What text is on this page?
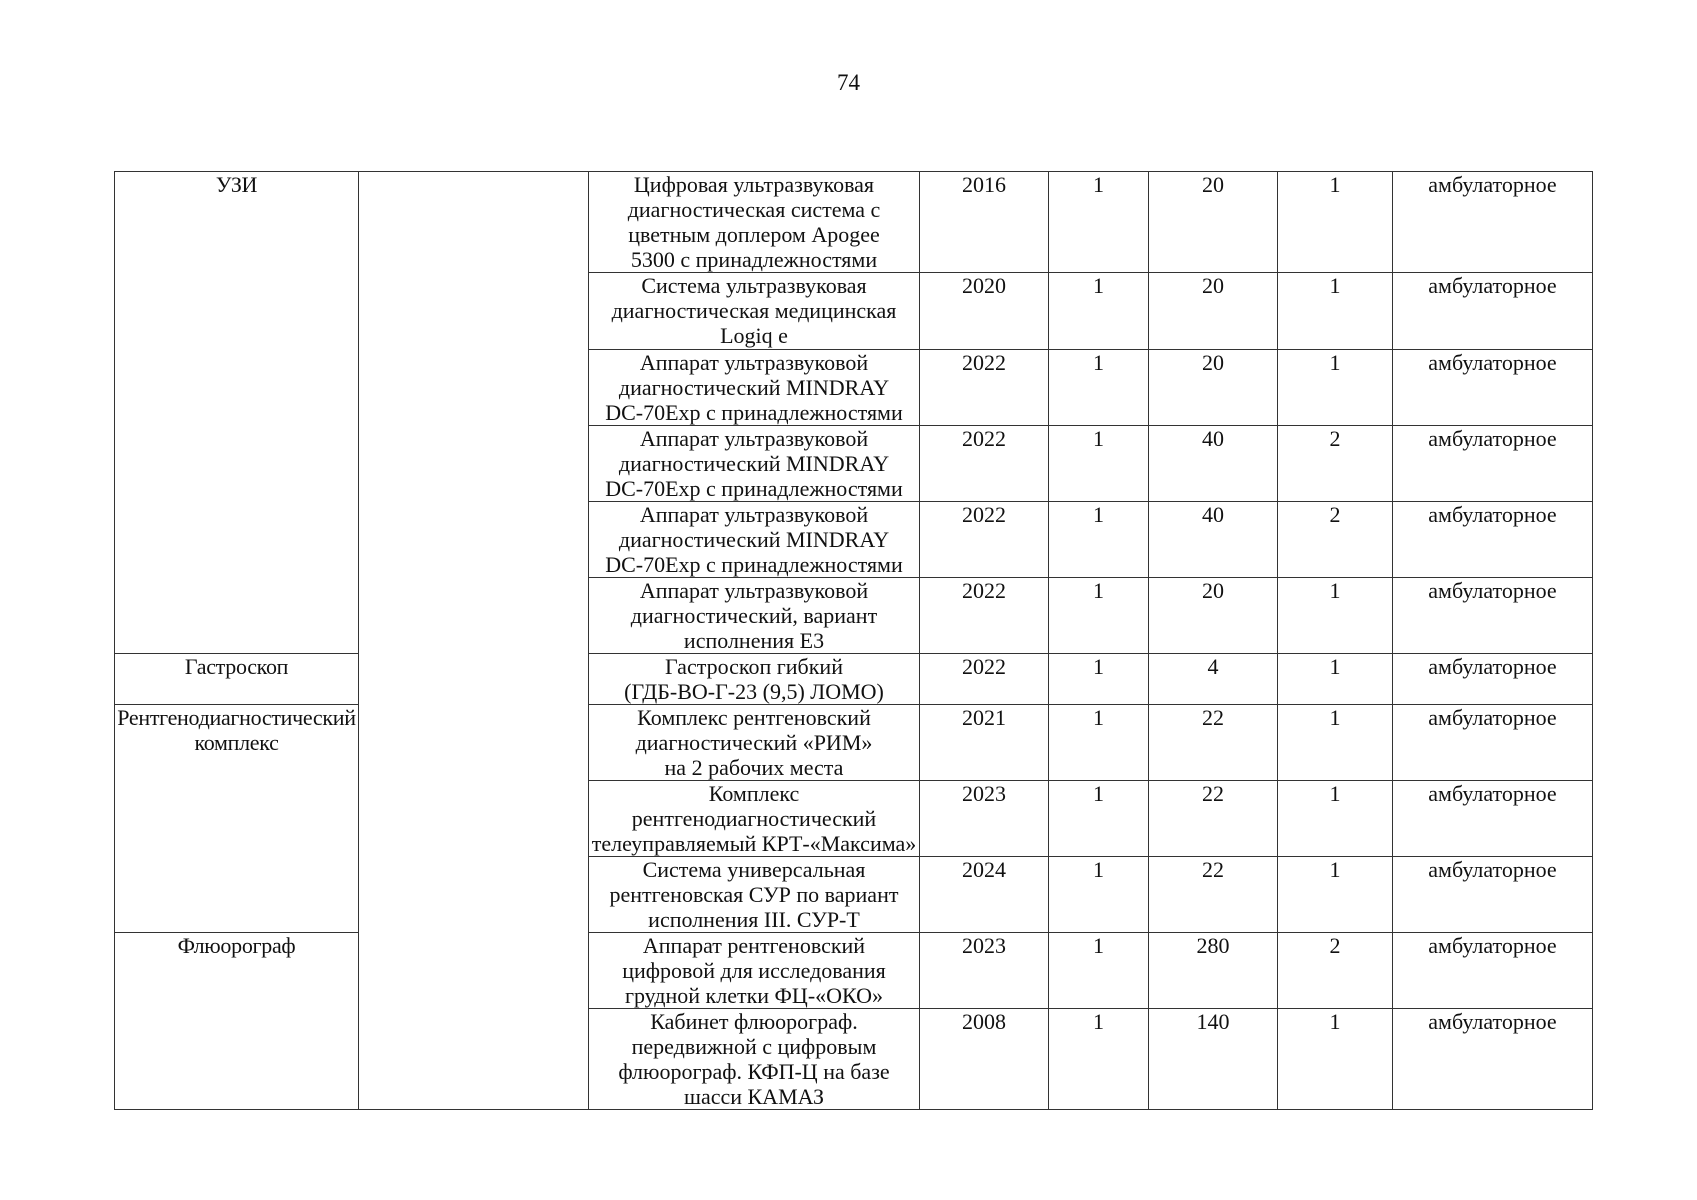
74
УЗИ		Цифровая ультразвуковая
диагностическая система с
цветным доплером Apogee
5300 с принадлежностями	2016	1	20	1	амбулаторное
		Система ультразвуковая
диагностическая медицинская
Logiq e	2020	1	20	1	амбулаторное
		Аппарат ультразвуковой
диагностический MINDRAY
DC-70Exp с принадлежностями	2022	1	20	1	амбулаторное
		Аппарат ультразвуковой
диагностический MINDRAY
DC-70Exp с принадлежностями	2022	1	40	2	амбулаторное
		Аппарат ультразвуковой
диагностический MINDRAY
DC-70Exp с принадлежностями	2022	1	40	2	амбулаторное
		Аппарат ультразвуковой
диагностический, вариант
исполнения Е3	2022	1	20	1	амбулаторное
Гастроскоп		Гастроскоп гибкий
(ГДБ-ВО-Г-23 (9,5) ЛОМО)	2022	1	4	1	амбулаторное
Рентгенодиагностический комплекс		Комплекс рентгеновский
диагностический «РИМ»
на 2 рабочих места	2021	1	22	1	амбулаторное
		Комплекс
рентгенодиагностический
телеуправляемый КРТ-«Максима»	2023	1	22	1	амбулаторное
		Система универсальная
рентгеновская СУР по вариант
исполнения III. СУР-Т	2024	1	22	1	амбулаторное
Флюорограф		Аппарат рентгеновский
цифровой для исследования
грудной клетки ФЦ-«ОКО»	2023	1	280	2	амбулаторное
		Кабинет флюорограф.
передвижной с цифровым
флюорограф. КФП-Ц на базе
шасси КАМАЗ	2008	1	140	1	амбулаторное
